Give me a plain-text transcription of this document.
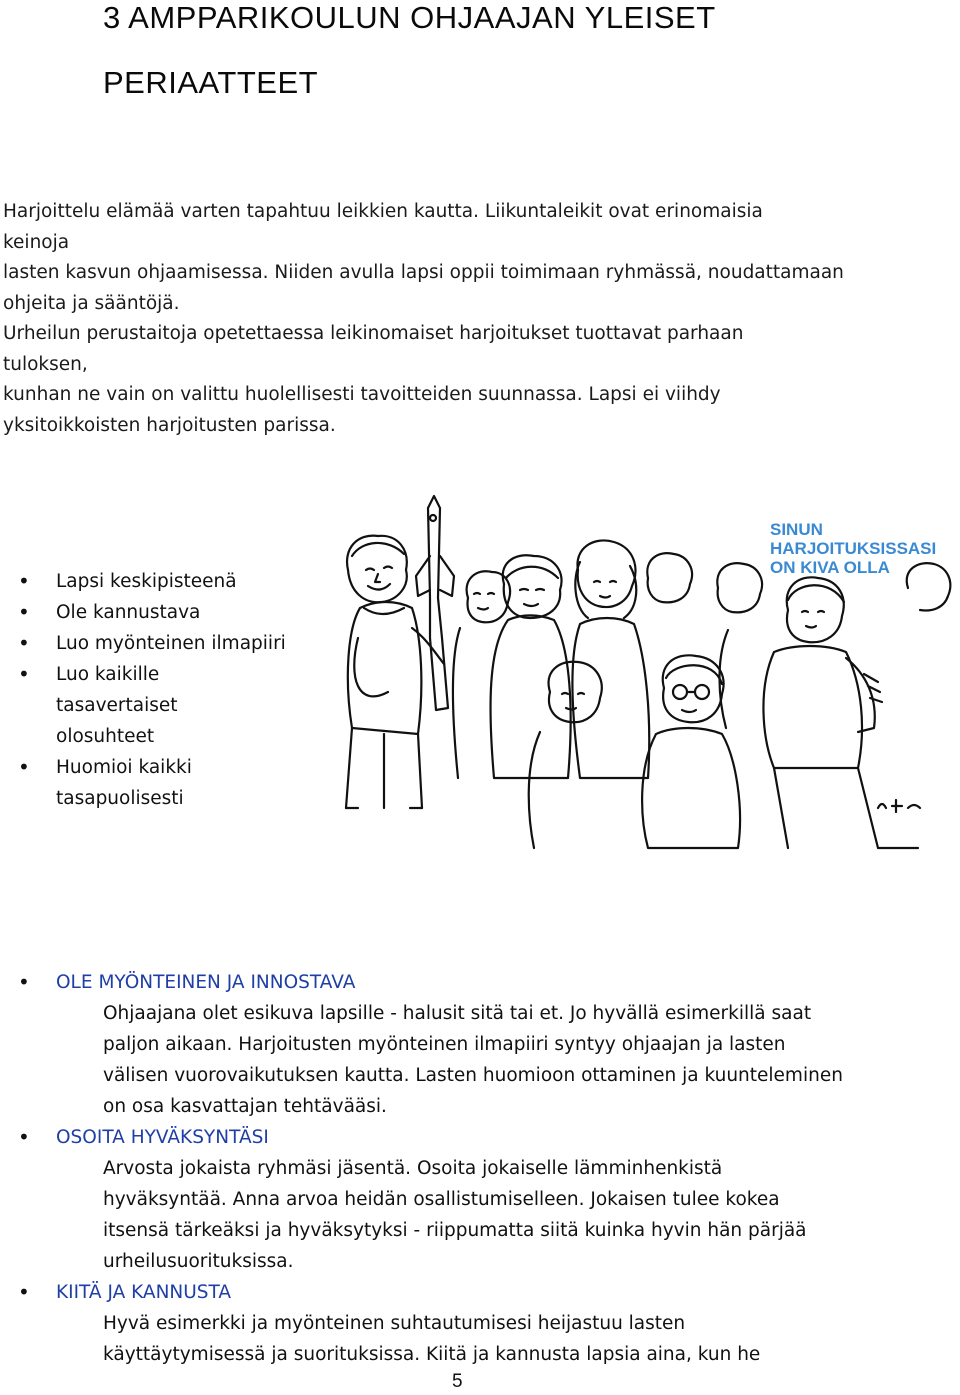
3 AMPPARIKOULUN OHJAAJAN YLEISET
PERIAATTEET
Harjoittelu elämää varten tapahtuu leikkien kautta. Liikuntaleikit ovat erinomaisia
keinoja
lasten kasvun ohjaamisessa. Niiden avulla lapsi oppii toimimaan ryhmässä, noudattamaan
ohjeita ja sääntöjä.
Urheilun perustaitoja opetettaessa leikinomaiset harjoitukset tuottavat parhaan
tuloksen,
kunhan ne vain on valittu huolellisesti tavoitteiden suunnassa. Lapsi ei viihdy
yksitoikkoisten harjoitusten parissa.
• Lapsi keskipisteenä
• Ole kannustava
• Luo myönteinen ilmapiiri
• Luo kaikille
tasavertaiset
olosuhteet
• Huomioi kaikki
tasapuolisesti
SINUN
HARJOITUKSISSASI
ON KIVA OLLA
• OLE MYÖNTEINEN JA INNOSTAVA
Ohjaajana olet esikuva lapsille - halusit sitä tai et. Jo hyvällä esimerkillä saat
paljon aikaan. Harjoitusten myönteinen ilmapiiri syntyy ohjaajan ja lasten
välisen vuorovaikutuksen kautta. Lasten huomioon ottaminen ja kuunteleminen
on osa kasvattajan tehtävääsi.
• OSOITA HYVÄKSYNTÄSI
Arvosta jokaista ryhmäsi jäsentä. Osoita jokaiselle lämminhenkistä
hyväksyntää. Anna arvoa heidän osallistumiselleen. Jokaisen tulee kokea
itsensä tärkeäksi ja hyväksytyksi - riippumatta siitä kuinka hyvin hän pärjää
urheilusuorituksissa.
• KIITÄ JA KANNUSTA
Hyvä esimerkki ja myönteinen suhtautumisesi heijastuu lasten
käyttäytymisessä ja suorituksissa. Kiitä ja kannusta lapsia aina, kun he
5
